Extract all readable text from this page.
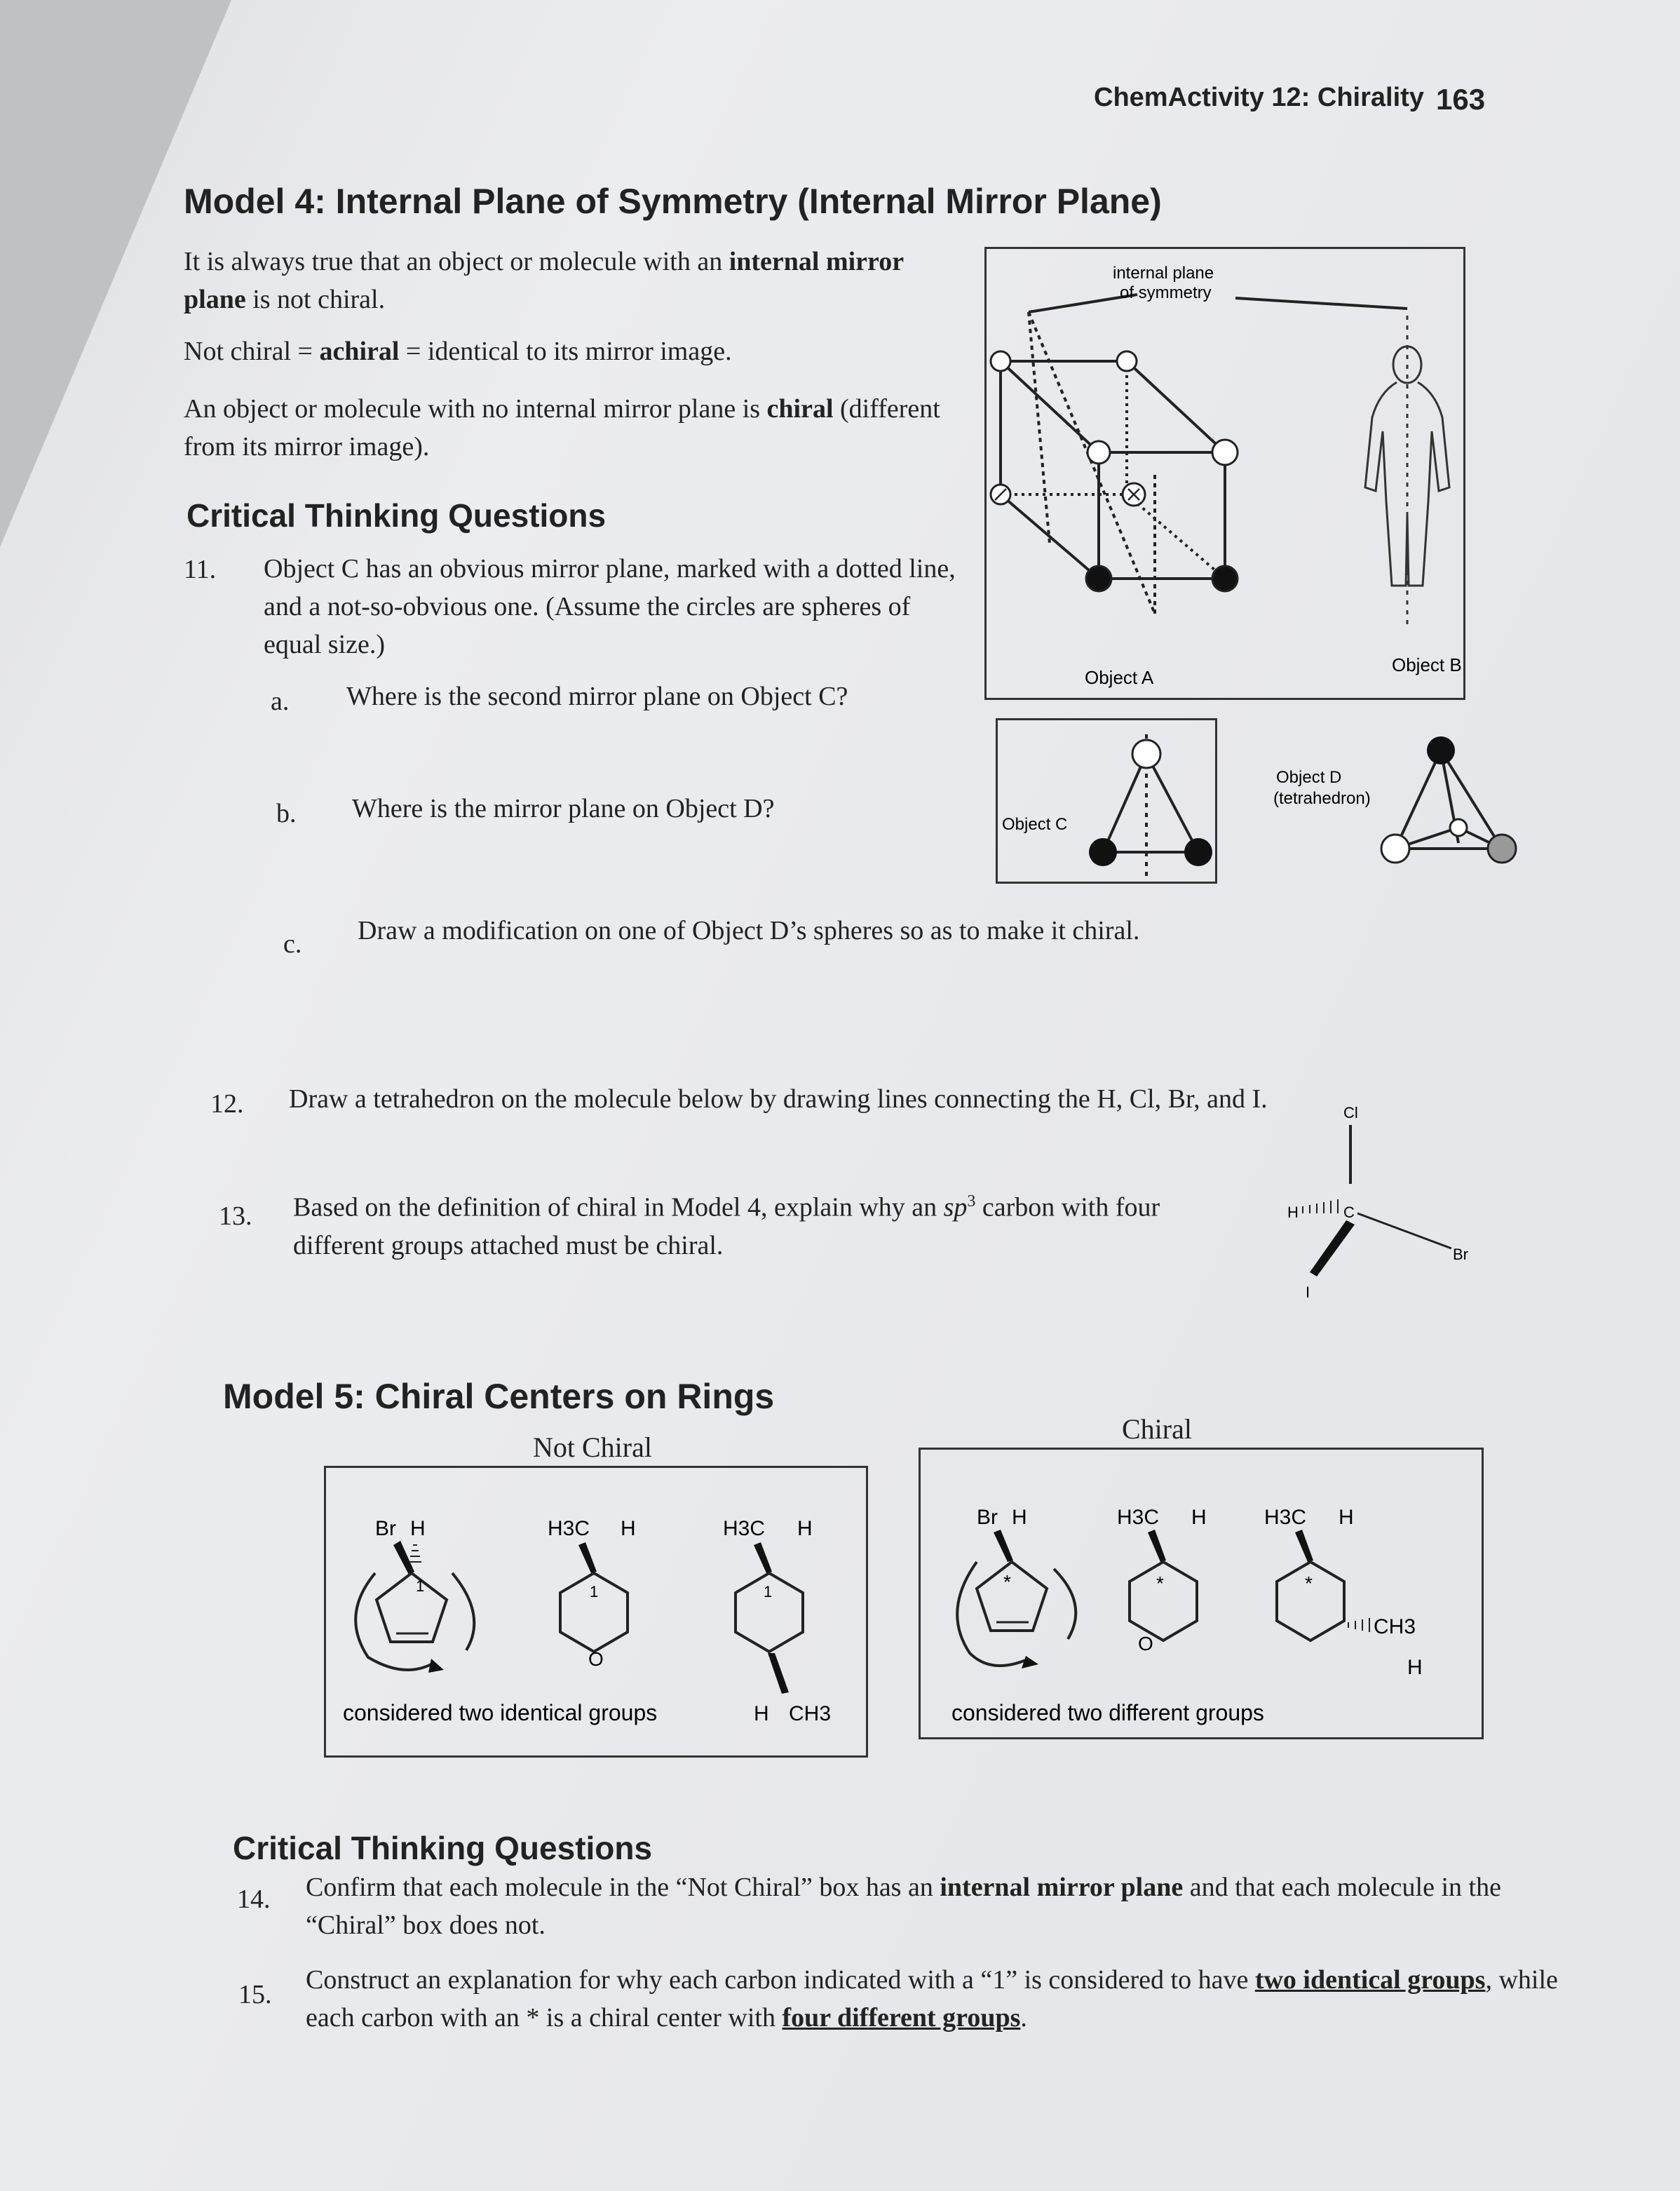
ChemActivity 12: Chirality 163
Model 4: Internal Plane of Symmetry (Internal Mirror Plane)
It is always true that an object or molecule with an internal mirror plane is not chiral.
Not chiral = achiral = identical to its mirror image.
An object or molecule with no internal mirror plane is chiral (different from its mirror image).
internal plane
of symmetry
Object A
Object B
Object C
Object D
(tetrahedron)
Critical Thinking Questions
11. Object C has an obvious mirror plane, marked with a dotted line, and a not-so-obvious one. (Assume the circles are spheres of equal size.)
a. Where is the second mirror plane on Object C?
b. Where is the mirror plane on Object D?
c. Draw a modification on one of Object D’s spheres so as to make it chiral.
12. Draw a tetrahedron on the molecule below by drawing lines connecting the H, Cl, Br, and I.
13. Based on the definition of chiral in Model 4, explain why an $sp^3$ carbon with four different groups attached must be chiral.
Cl
H	C
Br
I
Model 5: Chiral Centers on Rings
Not Chiral
Chiral
Br H
1
considered two identical groups
H3C H
O
1
H3C H
1
H CH3
Br H
*
considered two different groups
H3C H
*
O
H3C H
*
CH3
H
Critical Thinking Questions
14. Confirm that each molecule in the “Not Chiral” box has an internal mirror plane and that each molecule in the “Chiral” box does not.
15. Construct an explanation for why each carbon indicated with a “1” is considered to have two identical groups, while each carbon with an * is a chiral center with four different groups.
